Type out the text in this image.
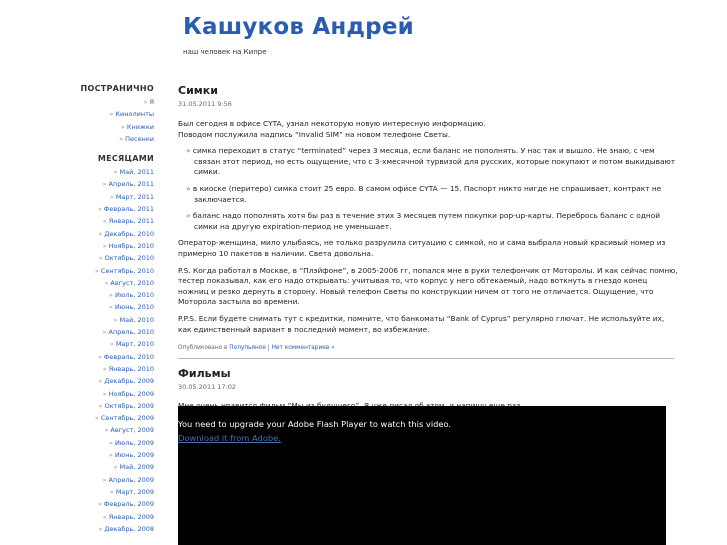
Кашуков Андрей
наш человек на Кипре
ПОСТРАНИЧНО
» Я
» Кинолинты
» Книжки
» Песенки
МЕСЯЦАМИ
» Май, 2011
» Апрель, 2011
» Март, 2011
» Февраль, 2011
» Январь, 2011
» Декабрь, 2010
» Ноябрь, 2010
» Октябрь, 2010
» Сентябрь, 2010
» Август, 2010
» Июль, 2010
» Июнь, 2010
» Май, 2010
» Апрель, 2010
» Март, 2010
» Февраль, 2010
» Январь, 2010
» Декабрь, 2009
» Ноябрь, 2009
» Октябрь, 2009
» Сентябрь, 2009
» Август, 2009
» Июль, 2009
» Июнь, 2009
» Май, 2009
» Апрель, 2009
» Март, 2009
» Февраль, 2009
» Январь, 2009
» Декабрь, 2008
Симки
31.05.2011 9:56

Был сегодня в офисе CYTA, узнал некоторую новую интересную информацию.

Поводом послужила надпись “Invalid SIM” на новом телефоне Светы.

» симка переходит в статус “terminated” через 3 месяца, если баланс не пополнять. У нас так и вышло. Не знаю, с чем связан этот период, но есть ощущение, что с 3-хмесячной турвизой для русских, которые покупают и потом выкидывают симки.
» в киоске (перитеро) симка стоит 25 евро. В самом офисе CYTA — 15. Паспорт никто нигде не спрашивает, контракт не заключается.
» баланс надо пополнять хотя бы раз в течение этих 3 месяцев путем покупки pop-up-карты. Перебрось баланс с одной симки на другую expiration-период не уменьшает.

Оператор-женщина, мило улыбаясь, не только разрулила ситуацию с симкой, но и сама выбрала новый красивый номер из примерно 10 пакетов в наличии. Света довольна.

P.S. Когда работал в Москве, в “Плэйфоне”, в 2005-2006 гг, попался мне в руки телефончик от Моторолы. И как сейчас помню, тестер показывал, как его надо открывать: учитывая то, что корпус у него обтекаемый, надо воткнуть в гнездо конец ножниц и резко дернуть в сторону. Новый телефон Светы по конструкции ничем от того не отличается. Ощущение, что Моторола застыла во времени.

P.P.S. Если будете снимать тут с кредитки, помните, что банкоматы “Bank of Cyprus” регулярно глючат. Не используйте их, как единственный вариант в последний момент, во избежание.

Опубликовано в Полупьяное | Нет комментариев »
Фильмы
30.05.2011 17:02

You need to upgrade your Adobe Flash Player to watch this video.
Download it from Adobe.
